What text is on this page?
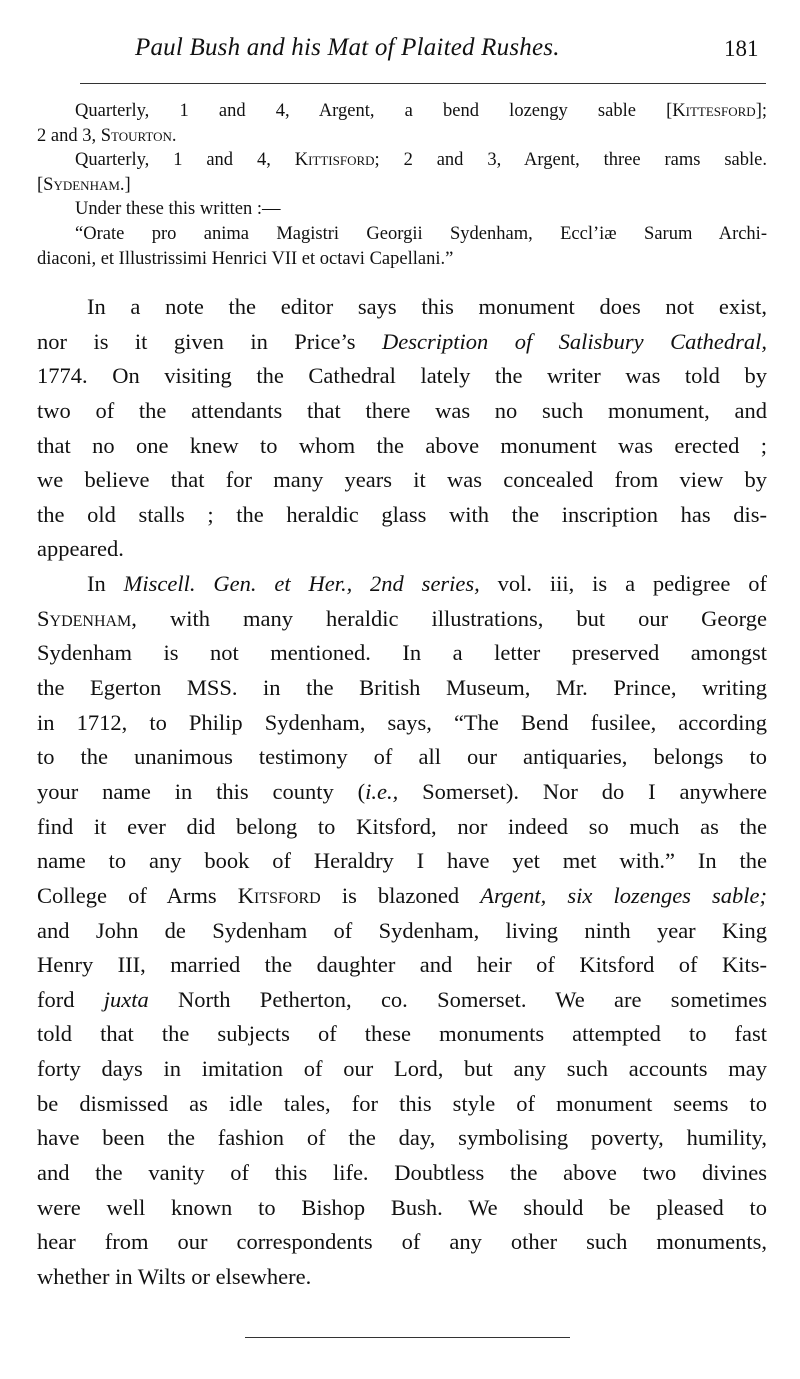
Paul Bush and his Mat of Plaited Rushes.	181
Quarterly, 1 and 4, Argent, a bend lozengy sable [Kittesford];
2 and 3, Stourton.
Quarterly, 1 and 4, Kittisford; 2 and 3, Argent, three rams sable.
[Sydenham.]
Under these this written :—
“Orate pro anima Magistri Georgii Sydenham, Eccl’iæ Sarum Archi-
diaconi, et Illustrissimi Henrici VII et octavi Capellani.”
In a note the editor says this monument does not exist,
nor is it given in Price’s Description of Salisbury Cathedral,
1774. On visiting the Cathedral lately the writer was told by
two of the attendants that there was no such monument, and
that no one knew to whom the above monument was erected ;
we believe that for many years it was concealed from view by
the old stalls ; the heraldic glass with the inscription has dis-
appeared.
In Miscell. Gen. et Her., 2nd series, vol. iii, is a pedigree of
Sydenham, with many heraldic illustrations, but our George
Sydenham is not mentioned. In a letter preserved amongst
the Egerton MSS. in the British Museum, Mr. Prince, writing
in 1712, to Philip Sydenham, says, “The Bend fusilee, according
to the unanimous testimony of all our antiquaries, belongs to
your name in this county (i.e., Somerset). Nor do I anywhere
find it ever did belong to Kitsford, nor indeed so much as the
name to any book of Heraldry I have yet met with.” In the
College of Arms Kitsford is blazoned Argent, six lozenges sable;
and John de Sydenham of Sydenham, living ninth year King
Henry III, married the daughter and heir of Kitsford of Kits-
ford juxta North Petherton, co. Somerset. We are sometimes
told that the subjects of these monuments attempted to fast
forty days in imitation of our Lord, but any such accounts may
be dismissed as idle tales, for this style of monument seems to
have been the fashion of the day, symbolising poverty, humility,
and the vanity of this life. Doubtless the above two divines
were well known to Bishop Bush. We should be pleased to
hear from our correspondents of any other such monuments,
whether in Wilts or elsewhere.
